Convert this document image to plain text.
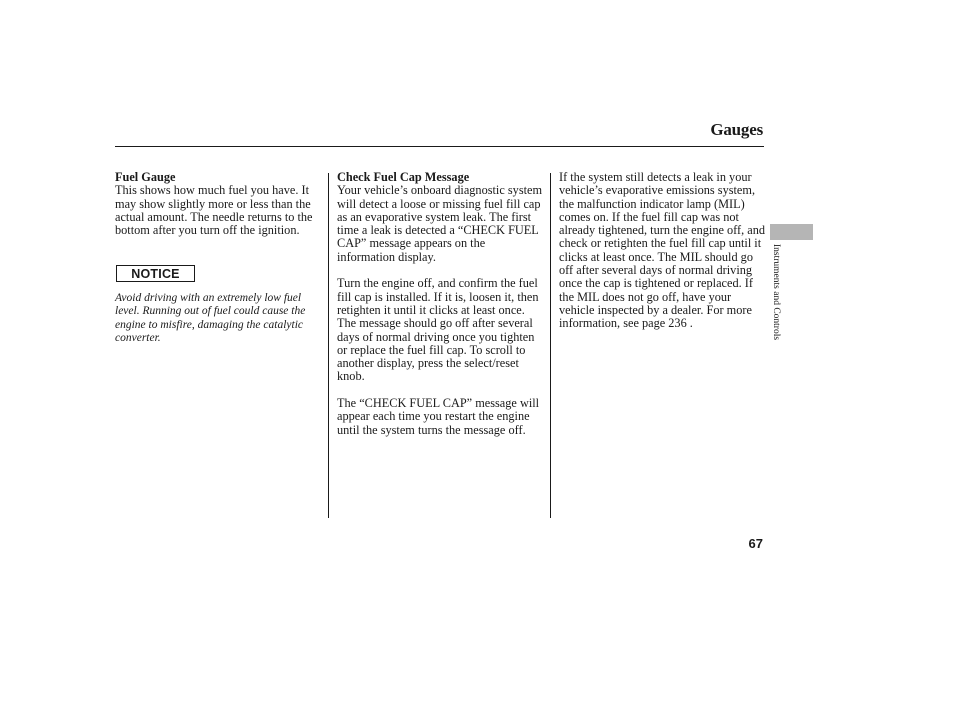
Gauges

Fuel Gauge

This shows how much fuel you have. It may show slightly more or less than the actual amount. The needle returns to the bottom after you turn off the ignition.

NOTICE
Avoid driving with an extremely low fuel level. Running out of fuel could cause the engine to misfire, damaging the catalytic converter.

Check Fuel Cap Message

Your vehicle’s onboard diagnostic system will detect a loose or missing fuel fill cap as an evaporative system leak. The first time a leak is detected a “CHECK FUEL CAP” message appears on the information display.

Turn the engine off, and confirm the fuel fill cap is installed. If it is, loosen it, then retighten it until it clicks at least once. The message should go off after several days of normal driving once you tighten or replace the fuel fill cap. To scroll to another display, press the select/reset knob.

The “CHECK FUEL CAP” message will appear each time you restart the engine until the system turns the message off.

If the system still detects a leak in your vehicle’s evaporative emissions system, the malfunction indicator lamp (MIL) comes on. If the fuel fill cap was not already tightened, turn the engine off, and check or retighten the fuel fill cap until it clicks at least once. The MIL should go off after several days of normal driving once the cap is tightened or replaced. If the MIL does not go off, have your vehicle inspected by a dealer. For more information, see page 236 .	Instruments and Controls
67
